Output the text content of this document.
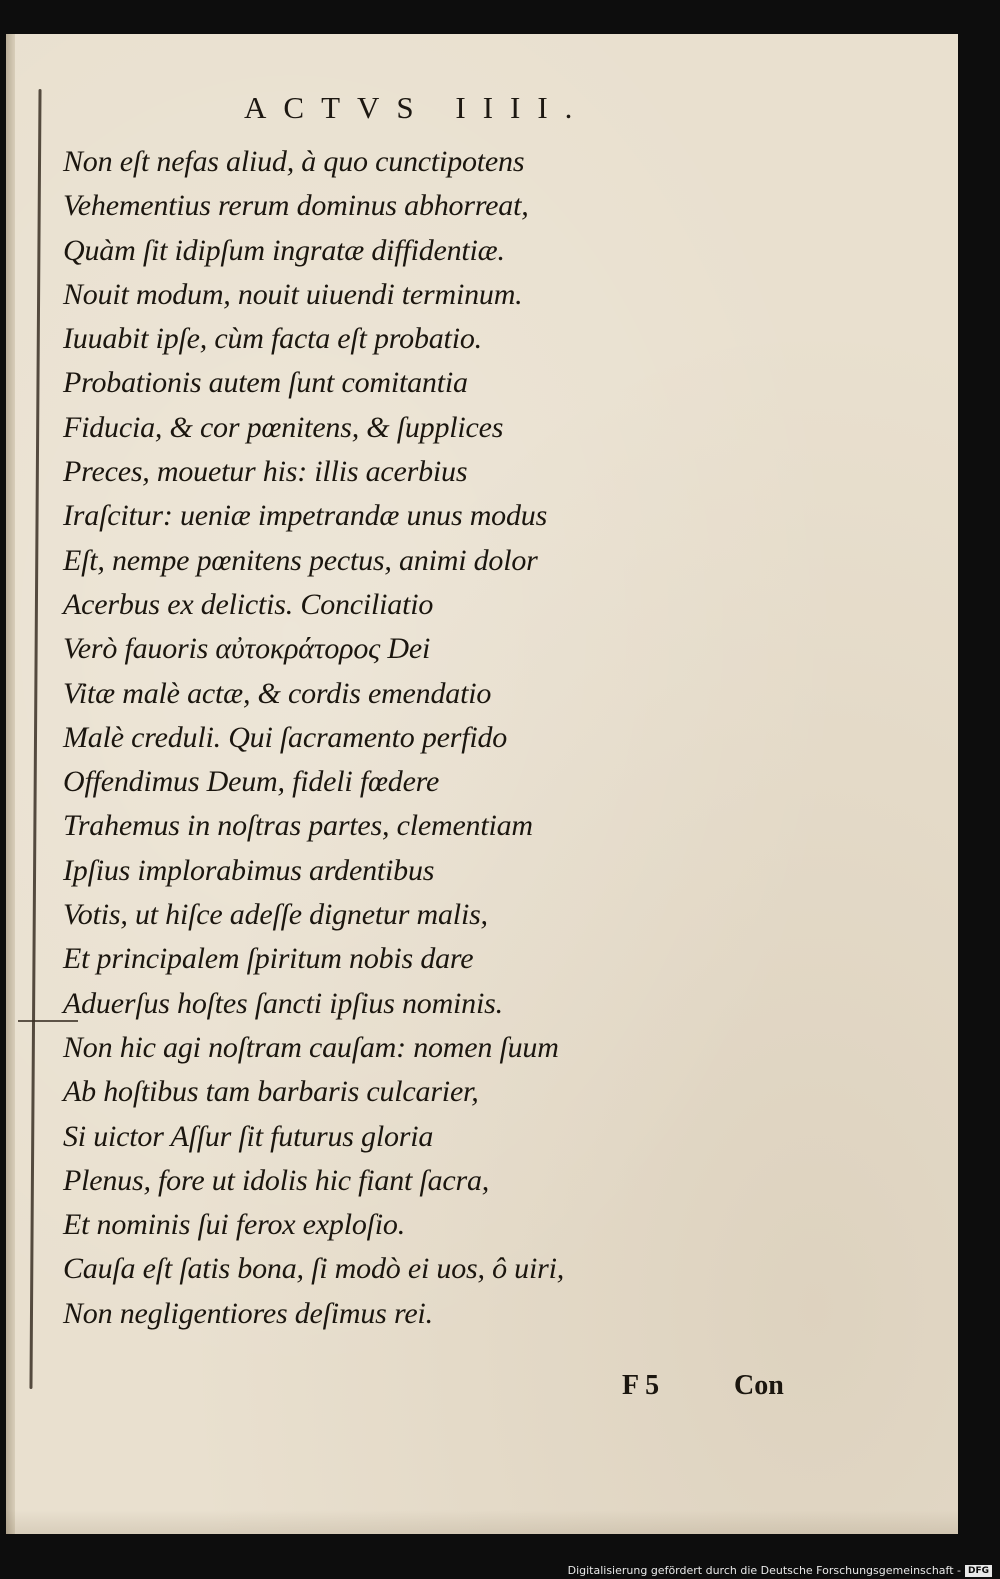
ACTVS IIII.
Non eſt nefas aliud, à quo cunctipotens
Vehementius rerum dominus abhorreat,
Quàm ſit idipſum ingratæ diffidentiæ.
Nouit modum, nouit uiuendi terminum.
Iuuabit ipſe, cùm facta eſt probatio.
Probationis autem ſunt comitantia
Fiducia, & cor pœnitens, & ſupplices
Preces, mouetur his: illis acerbius
Iraſcitur: ueniæ impetrandæ unus modus
Eſt, nempe pœnitens pectus, animi dolor
Acerbus ex delictis. Conciliatio
Verò fauoris αὐτοκράτορος Dei
Vitæ malè actæ, & cordis emendatio
Malè creduli. Qui ſacramento perfido
Offendimus Deum, fideli fœdere
Trahemus in noſtras partes, clementiam
Ipſius implorabimus ardentibus
Votis, ut hiſce adeſſe dignetur malis,
Et principalem ſpiritum nobis dare
Aduerſus hoſtes ſancti ipſius nominis.
Non hic agi noſtram cauſam: nomen ſuum
Ab hoſtibus tam barbaris culcarier,
Si uictor Aſſur ſit futurus gloria
Plenus, fore ut idolis hic fiant ſacra,
Et nominis ſui ferox exploſio.
Cauſa eſt ſatis bona, ſi modò ei uos, ô uiri,
Non negligentiores deſimus rei.
F 5	Con
Digitalisierung gefördert durch die Deutsche Forschungsgemeinschaft - DFG
